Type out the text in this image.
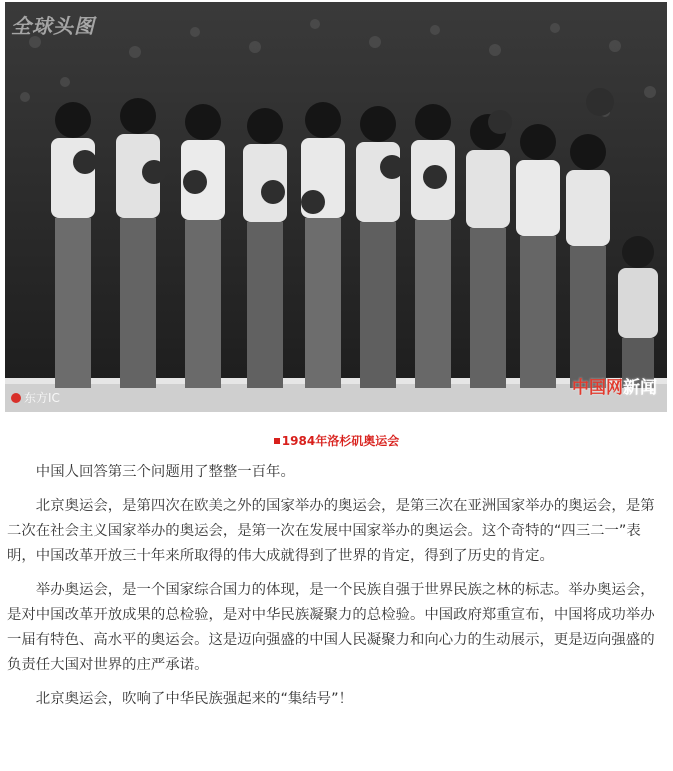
全球头图
东方IC	中国网新闻
1984年洛杉矶奥运会

中国人回答第三个问题用了整整一百年。

北京奥运会，是第四次在欧美之外的国家举办的奥运会，是第三次在亚洲国家举办的奥运会，是第二次在社会主义国家举办的奥运会，是第一次在发展中国家举办的奥运会。这个奇特的“四三二一”表明，中国改革开放三十年来所取得的伟大成就得到了世界的肯定，得到了历史的肯定。

举办奥运会，是一个国家综合国力的体现，是一个民族自强于世界民族之林的标志。举办奥运会，是对中国改革开放成果的总检验，是对中华民族凝聚力的总检验。中国政府郑重宣布，中国将成功举办一届有特色、高水平的奥运会。这是迈向强盛的中国人民凝聚力和向心力的生动展示，更是迈向强盛的负责任大国对世界的庄严承诺。

北京奥运会，吹响了中华民族强起来的“集结号”！
